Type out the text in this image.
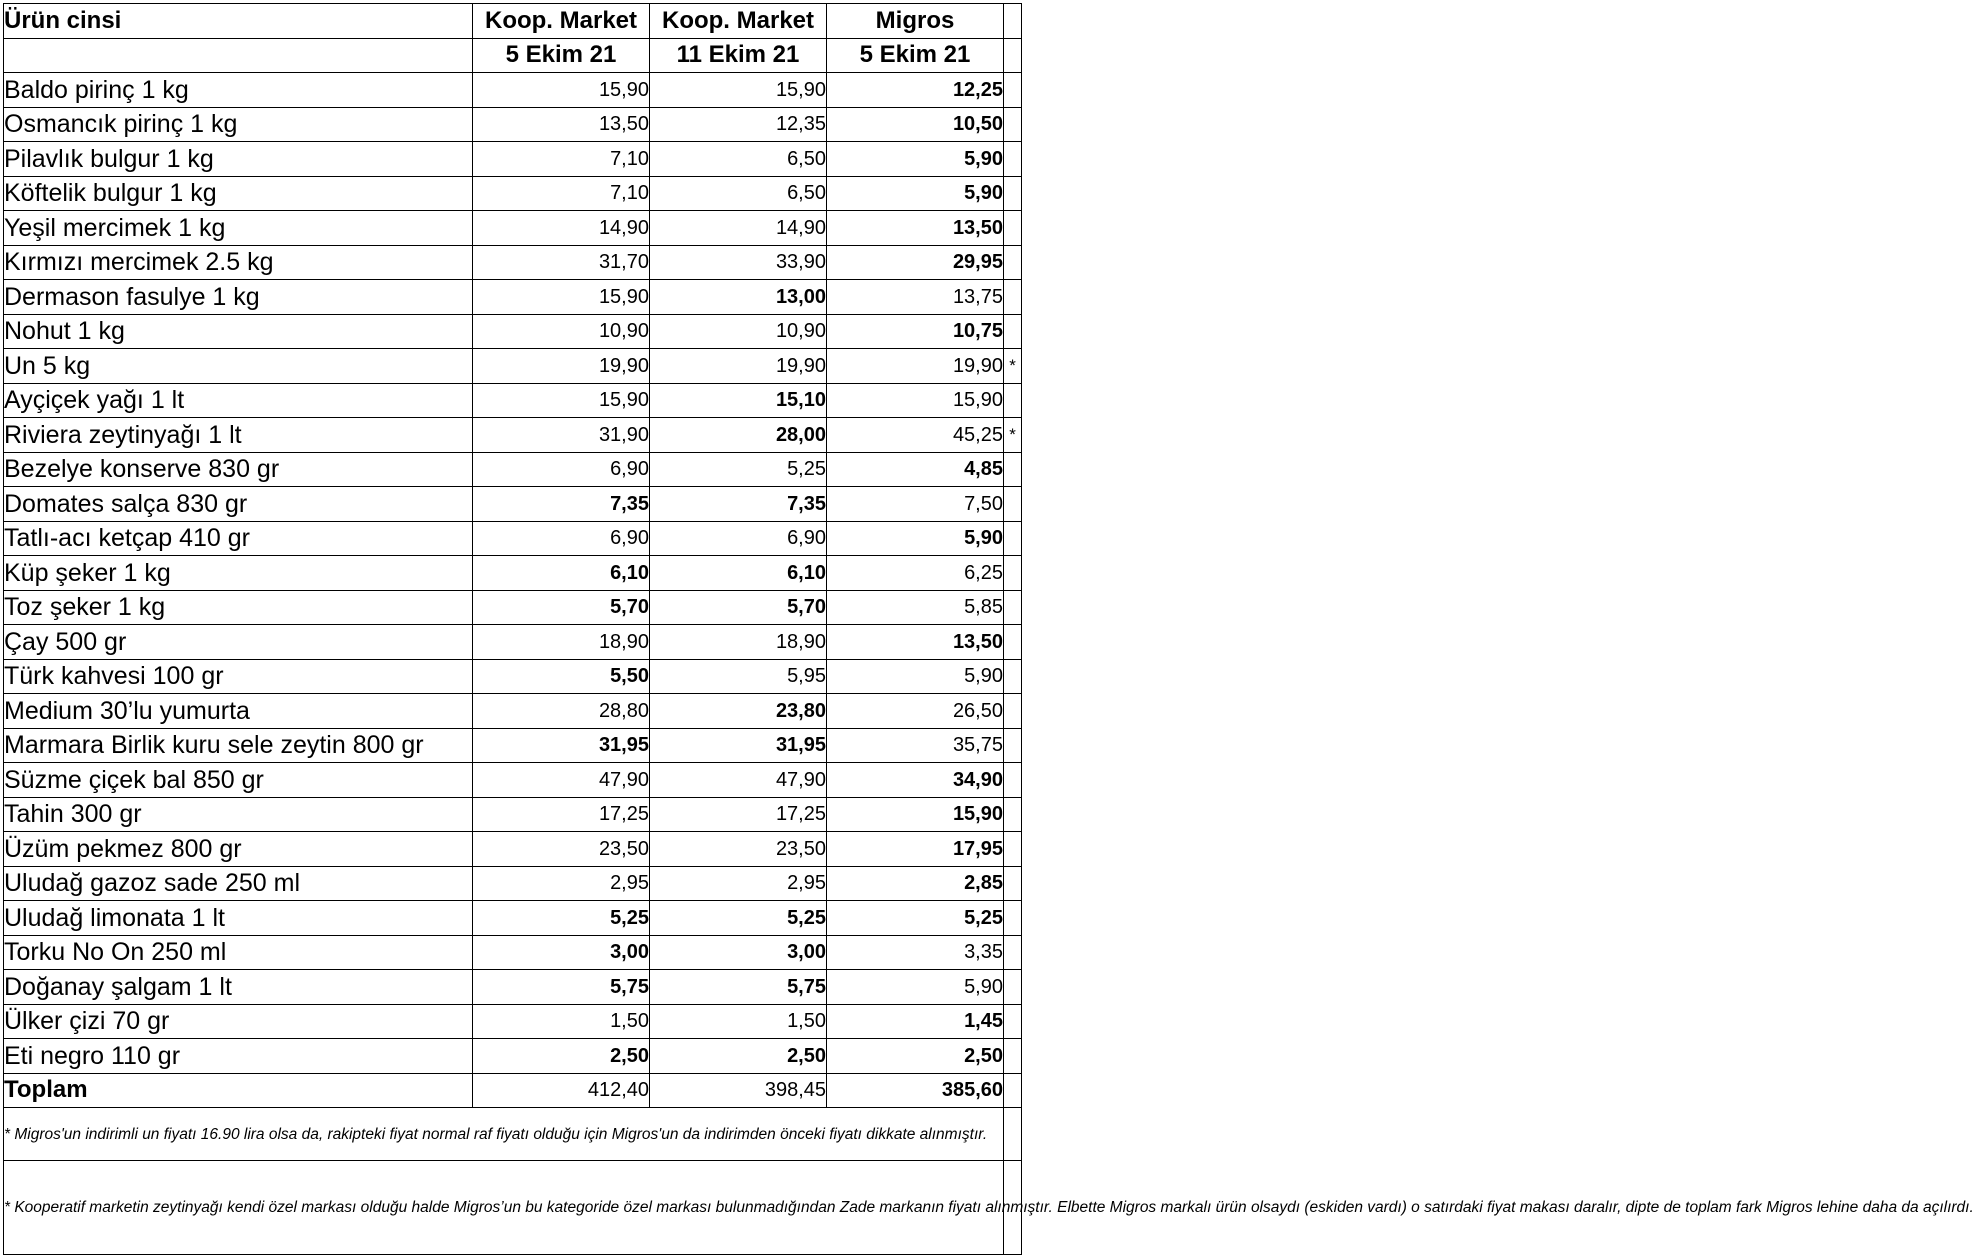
Ürün cinsi	Koop. Market	Koop. Market	Migros	
	5 Ekim 21	11 Ekim 21	5 Ekim 21	
Baldo pirinç 1 kg	15,90	15,90	12,25	
Osmancık pirinç 1 kg	13,50	12,35	10,50	
Pilavlık bulgur 1 kg	7,10	6,50	5,90	
Köftelik bulgur 1 kg	7,10	6,50	5,90	
Yeşil mercimek 1 kg	14,90	14,90	13,50	
Kırmızı mercimek 2.5 kg	31,70	33,90	29,95	
Dermason fasulye 1 kg	15,90	13,00	13,75	
Nohut 1 kg	10,90	10,90	10,75	
Un 5 kg	19,90	19,90	19,90	*
Ayçiçek yağı 1 lt	15,90	15,10	15,90	
Riviera zeytinyağı 1 lt	31,90	28,00	45,25	*
Bezelye konserve 830 gr	6,90	5,25	4,85	
Domates salça 830 gr	7,35	7,35	7,50	
Tatlı-acı ketçap 410 gr	6,90	6,90	5,90	
Küp şeker 1 kg	6,10	6,10	6,25	
Toz şeker 1 kg	5,70	5,70	5,85	
Çay 500 gr	18,90	18,90	13,50	
Türk kahvesi 100 gr	5,50	5,95	5,90	
Medium 30’lu yumurta	28,80	23,80	26,50	
Marmara Birlik kuru sele zeytin 800 gr	31,95	31,95	35,75	
Süzme çiçek bal 850 gr	47,90	47,90	34,90	
Tahin 300 gr	17,25	17,25	15,90	
Üzüm pekmez 800 gr	23,50	23,50	17,95	
Uludağ gazoz sade 250 ml	2,95	2,95	2,85	
Uludağ limonata 1 lt	5,25	5,25	5,25	
Torku No On 250 ml	3,00	3,00	3,35	
Doğanay şalgam 1 lt	5,75	5,75	5,90	
Ülker çizi 70 gr	1,50	1,50	1,45	
Eti negro 110 gr	2,50	2,50	2,50	
Toplam	412,40	398,45	385,60	
* Migros'un indirimli un fiyatı 16.90 lira olsa da, rakipteki fiyat normal raf fiyatı olduğu için Migros'un da indirimden önceki fiyatı dikkate alınmıştır.				
* Kooperatif marketin zeytinyağı kendi özel markası olduğu halde Migros’un bu kategoride özel markası bulunmadığından Zade markanın fiyatı alınmıştır. Elbette Migros markalı ürün olsaydı (eskiden vardı) o satırdaki fiyat makası daralır, dipte de toplam fark Migros lehine daha da açılırdı.				
